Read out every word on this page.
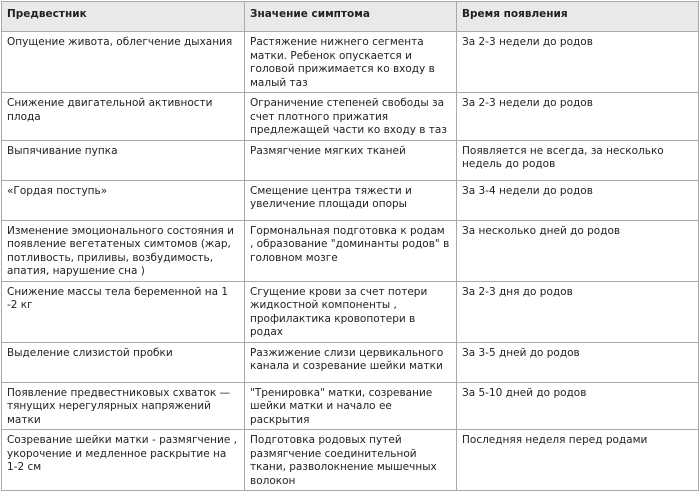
Предвестник	Значение симптома	Время появления
Опущение живота, облегчение дыхания	Растяжение нижнего сегмента матки. Ребенок опускается и головой прижимается ко входу в малый таз	За 2-3 недели до родов
Снижение двигательной активности плода	Ограничение степеней свободы за счет плотного прижатия предлежащей части ко входу в таз	За 2-3 недели до родов
Выпячивание пупка	Размягчение мягких тканей	Появляется не всегда, за несколько недель до родов
«Гордая поступь»	Смещение центра тяжести и увеличение площади опоры	За 3-4 недели до родов
Изменение эмоционального состояния и появление вегетатеных симтомов (жар, потливость, приливы, возбудимость, апатия, нарушение сна )	Гормональная подготовка к родам , образование "доминанты родов" в головном мозге	За несколько дней до родов
Снижение массы тела беременной на 1 -2 кг	Сгущение крови за счет потери жидкостной компоненты , профилактика кровопотери в родах	За 2-3 дня до родов
Выделение слизистой пробки	Разжижение слизи цервикального канала и созревание шейки матки	За 3-5 дней до родов
Появление предвестниковых схваток — тянущих нерегулярных напряжений матки	"Тренировка" матки, созревание шейки матки и начало ее раскрытия	За 5-10 дней до родов
Созревание шейки матки - размягчение , укорочение и медленное раскрытие на 1-2 см	Подготовка родовых путей размягчение соединительной ткани, разволокнение мышечных волокон	Последняя неделя перед родами
